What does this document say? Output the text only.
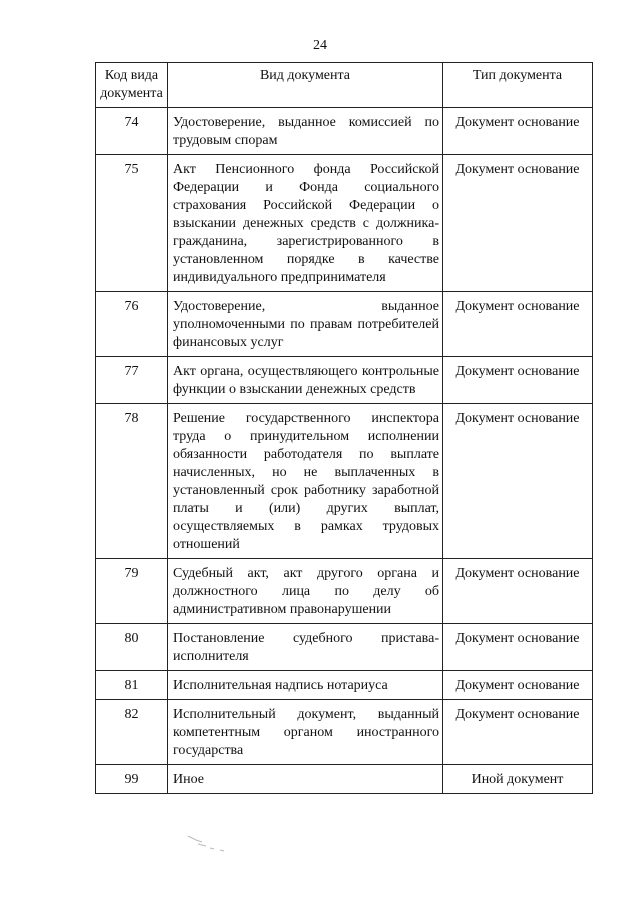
24
Код вида документа	Вид документа	Тип документа
74	Удостоверение, выданное комиссией по трудовым спорам	Документ основание
75	Акт Пенсионного фонда Российской Федерации и Фонда социального страхования Российской Федерации о взыскании денежных средств с должника-гражданина, зарегистрированного в установленном порядке в качестве индивидуального предпринимателя	Документ основание
76	Удостоверение, выданное уполномоченными по правам потребителей финансовых услуг	Документ основание
77	Акт органа, осуществляющего контрольные функции о взыскании денежных средств	Документ основание
78	Решение государственного инспектора труда о принудительном исполнении обязанности работодателя по выплате начисленных, но не выплаченных в установленный срок работнику заработной платы и (или) других выплат, осуществляемых в рамках трудовых отношений	Документ основание
79	Судебный акт, акт другого органа и должностного лица по делу об административном правонарушении	Документ основание
80	Постановление судебного пристава-исполнителя	Документ основание
81	Исполнительная надпись нотариуса	Документ основание
82	Исполнительный документ, выданный компетентным органом иностранного государства	Документ основание
99	Иное	Иной документ
